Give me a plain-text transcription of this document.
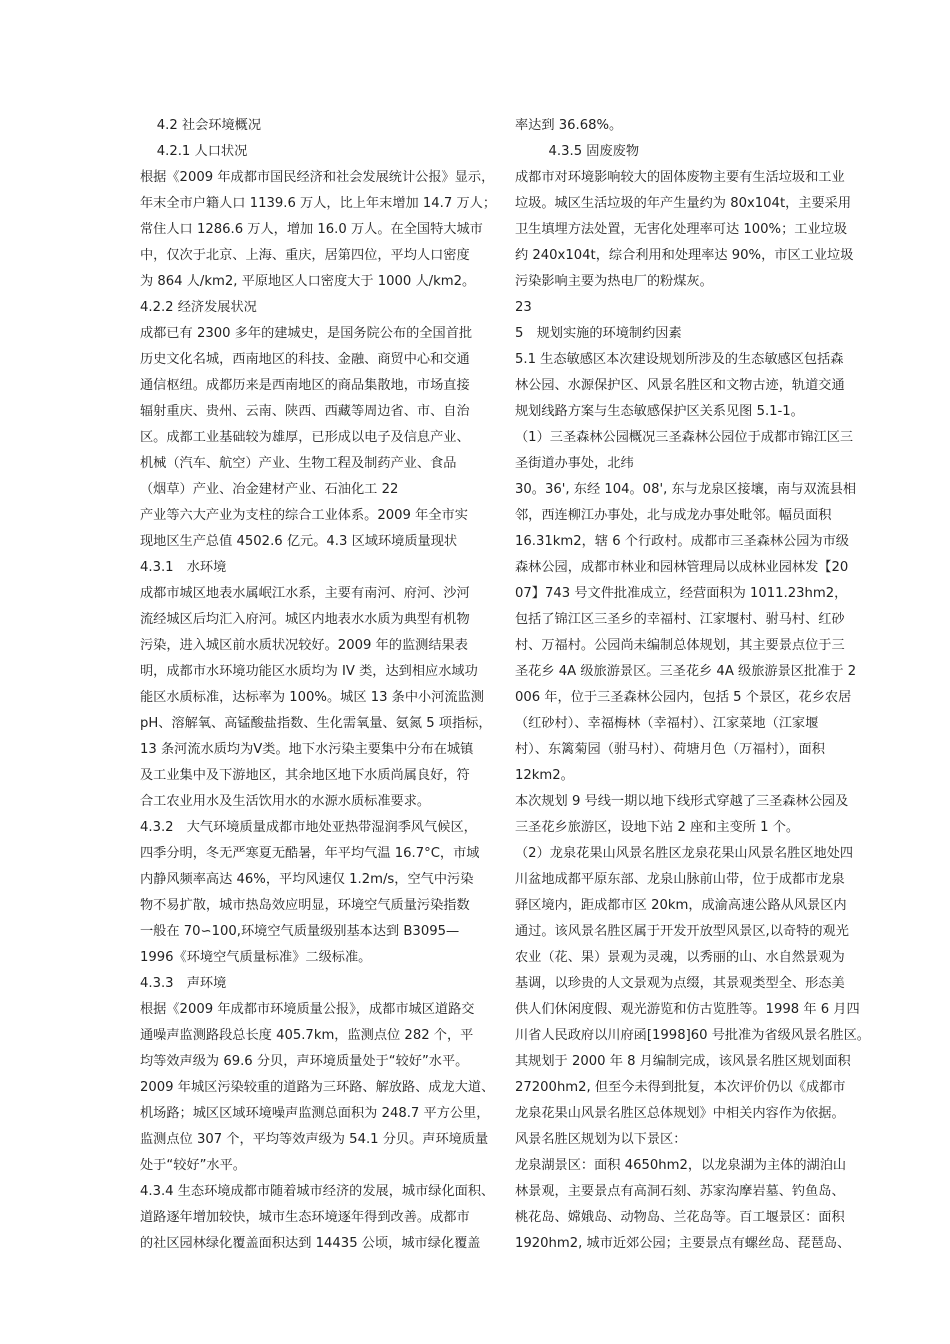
4.2 社会环境概况
4.2.1 人口状况
根据《2009 年成都市国民经济和社会发展统计公报》显示，
年末全市户籍人口 1139.6 万人，比上年末增加 14.7 万人；
常住人口 1286.6 万人，增加 16.0 万人。在全国特大城市
中，仅次于北京、上海、重庆，居第四位，平均人口密度
为 864 人/km2, 平原地区人口密度大于 1000 人/km2。
4.2.2 经济发展状况
成都已有 2300 多年的建城史，是国务院公布的全国首批
历史文化名城，西南地区的科技、金融、商贸中心和交通
通信枢纽。成都历来是西南地区的商品集散地，市场直接
辐射重庆、贵州、云南、陕西、西藏等周边省、市、自治
区。成都工业基础较为雄厚，已形成以电子及信息产业、
机械（汽车、航空）产业、生物工程及制药产业、食品
（烟草）产业、冶金建材产业、石油化工 22
产业等六大产业为支柱的综合工业体系。2009 年全市实
现地区生产总值 4502.6 亿元。4.3 区域环境质量现状
4.3.1　水环境
成都市城区地表水属岷江水系，主要有南河、府河、沙河
流经城区后均汇入府河。城区内地表水水质为典型有机物
污染，进入城区前水质状况较好。2009 年的监测结果表
明，成都市水环境功能区水质均为 IV 类，达到相应水域功
能区水质标准，达标率为 100%。城区 13 条中小河流监测
pH、溶解氧、高锰酸盐指数、生化需氧量、氨氮 5 项指标，
13 条河流水质均为Ⅴ类。地下水污染主要集中分布在城镇
及工业集中及下游地区，其余地区地下水质尚属良好，符
合工农业用水及生活饮用水的水源水质标准要求。
4.3.2　大气环境质量成都市地处亚热带湿润季风气候区，
四季分明，冬无严寒夏无酷暑，年平均气温 16.7°C，市域
内静风频率高达 46%，平均风速仅 1.2m/s，空气中污染
物不易扩散，城市热岛效应明显，环境空气质量污染指数
一般在 70∽100,环境空气质量级别基本达到 B3095—
1996《环境空气质量标准》二级标准。
4.3.3　声环境
根据《2009 年成都市环境质量公报》，成都市城区道路交
通噪声监测路段总长度 405.7km，监测点位 282 个，平
均等效声级为 69.6 分贝，声环境质量处于“较好”水平。
2009 年城区污染较重的道路为三环路、解放路、成龙大道、
机场路；城区区域环境噪声监测总面积为 248.7 平方公里，
监测点位 307 个，平均等效声级为 54.1 分贝。声环境质量
处于“较好”水平。
4.3.4 生态环境成都市随着城市经济的发展，城市绿化面积、
道路逐年增加较快，城市生态环境逐年得到改善。成都市
的社区园林绿化覆盖面积达到 14435 公顷，城市绿化覆盖
率达到 36.68%。
4.3.5 固废废物
成都市对环境影响较大的固体废物主要有生活垃圾和工业
垃圾。城区生活垃圾的年产生量约为 80x104t，主要采用
卫生填埋方法处置，无害化处理率可达 100%；工业垃圾
约 240x104t，综合利用和处理率达 90%，市区工业垃圾
污染影响主要为热电厂的粉煤灰。
23
5　规划实施的环境制约因素
5.1 生态敏感区本次建设规划所涉及的生态敏感区包括森
林公园、水源保护区、风景名胜区和文物古迹，轨道交通
规划线路方案与生态敏感保护区关系见图 5.1-1。
（1）三圣森林公园概况三圣森林公园位于成都市锦江区三
圣街道办事处，北纬
30。36', 东经 104。08', 东与龙泉区接壤，南与双流县相
邻，西连柳江办事处，北与成龙办事处毗邻。幅员面积
16.31km2，辖 6 个行政村。成都市三圣森林公园为市级
森林公园，成都市林业和园林管理局以成林业园林发【20
07】743 号文件批准成立，经营面积为 1011.23hm2，
包括了锦江区三圣乡的幸福村、江家堰村、驸马村、红砂
村、万福村。公园尚未编制总体规划，其主要景点位于三
圣花乡 4A 级旅游景区。三圣花乡 4A 级旅游景区批准于 2
006 年，位于三圣森林公园内，包括 5 个景区，花乡农居
（红砂村）、幸福梅林（幸福村）、江家菜地（江家堰
村）、东篱菊园（驸马村）、荷塘月色（万福村），面积
12km2。
本次规划 9 号线一期以地下线形式穿越了三圣森林公园及
三圣花乡旅游区，设地下站 2 座和主变所 1 个。
（2）龙泉花果山风景名胜区龙泉花果山风景名胜区地处四
川盆地成都平原东部、龙泉山脉前山带，位于成都市龙泉
驿区境内，距成都市区 20km，成渝高速公路从风景区内
通过。该风景名胜区属于开发开放型风景区,以奇特的观光
农业（花、果）景观为灵魂，以秀丽的山、水自然景观为
基调，以珍贵的人文景观为点缀，其景观类型全、形态美
供人们休闲度假、观光游览和仿古览胜等。1998 年 6 月四
川省人民政府以川府函[1998]60 号批准为省级风景名胜区。
其规划于 2000 年 8 月编制完成，该风景名胜区规划面积
27200hm2, 但至今未得到批复，本次评价仍以《成都市
龙泉花果山风景名胜区总体规划》中相关内容作为依据。
风景名胜区规划为以下景区：
龙泉湖景区：面积 4650hm2，以龙泉湖为主体的湖泊山
林景观，主要景点有高洞石刻、苏家沟摩岩墓、钓鱼岛、
桃花岛、嫦娥岛、动物岛、兰花岛等。百工堰景区：面积
1920hm2, 城市近郊公园；主要景点有螺丝岛、琵琶岛、
